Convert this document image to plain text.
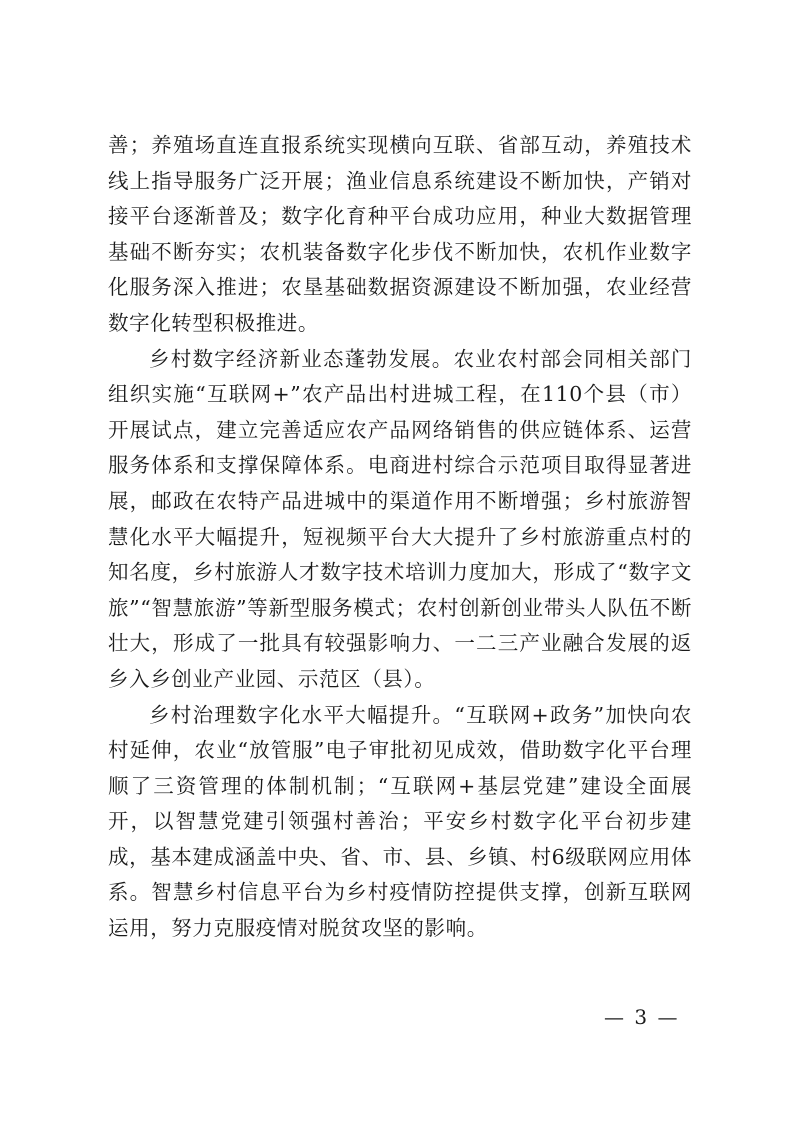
善；养殖场直连直报系统实现横向互联、省部互动，养殖技术线上指导服务广泛开展；渔业信息系统建设不断加快，产销对接平台逐渐普及；数字化育种平台成功应用，种业大数据管理基础不断夯实；农机装备数字化步伐不断加快，农机作业数字化服务深入推进；农垦基础数据资源建设不断加强，农业经营数字化转型积极推进。

乡村数字经济新业态蓬勃发展。农业农村部会同相关部门组织实施“互联网+”农产品出村进城工程，在110个县（市）开展试点，建立完善适应农产品网络销售的供应链体系、运营服务体系和支撑保障体系。电商进村综合示范项目取得显著进展，邮政在农特产品进城中的渠道作用不断增强；乡村旅游智慧化水平大幅提升，短视频平台大大提升了乡村旅游重点村的知名度，乡村旅游人才数字技术培训力度加大，形成了“数字文旅”“智慧旅游”等新型服务模式；农村创新创业带头人队伍不断壮大，形成了一批具有较强影响力、一二三产业融合发展的返乡入乡创业产业园、示范区（县）。

乡村治理数字化水平大幅提升。“互联网+政务”加快向农村延伸，农业“放管服”电子审批初见成效，借助数字化平台理顺了三资管理的体制机制；“互联网+基层党建”建设全面展开，以智慧党建引领强村善治；平安乡村数字化平台初步建成，基本建成涵盖中央、省、市、县、乡镇、村6级联网应用体系。智慧乡村信息平台为乡村疫情防控提供支撑，创新互联网运用，努力克服疫情对脱贫攻坚的影响。

— 3 —
